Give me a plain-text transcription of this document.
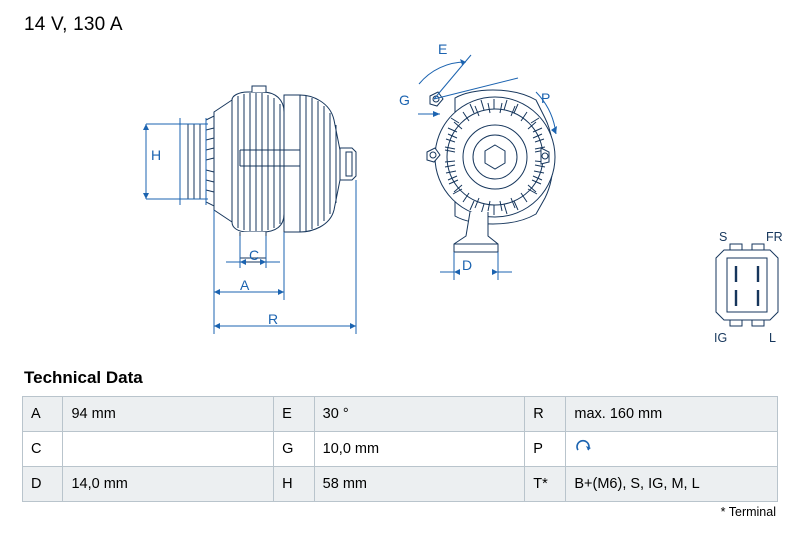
14 V, 130 A
H
C
A
R
E
G	P
D
S	FR
IG	L
Technical Data
A	94 mm	E	30 °	R	max. 160 mm
C		G	10,0 mm	P	
D	14,0 mm	H	58 mm	T*	B+(M6), S, IG, M, L
* Terminal
